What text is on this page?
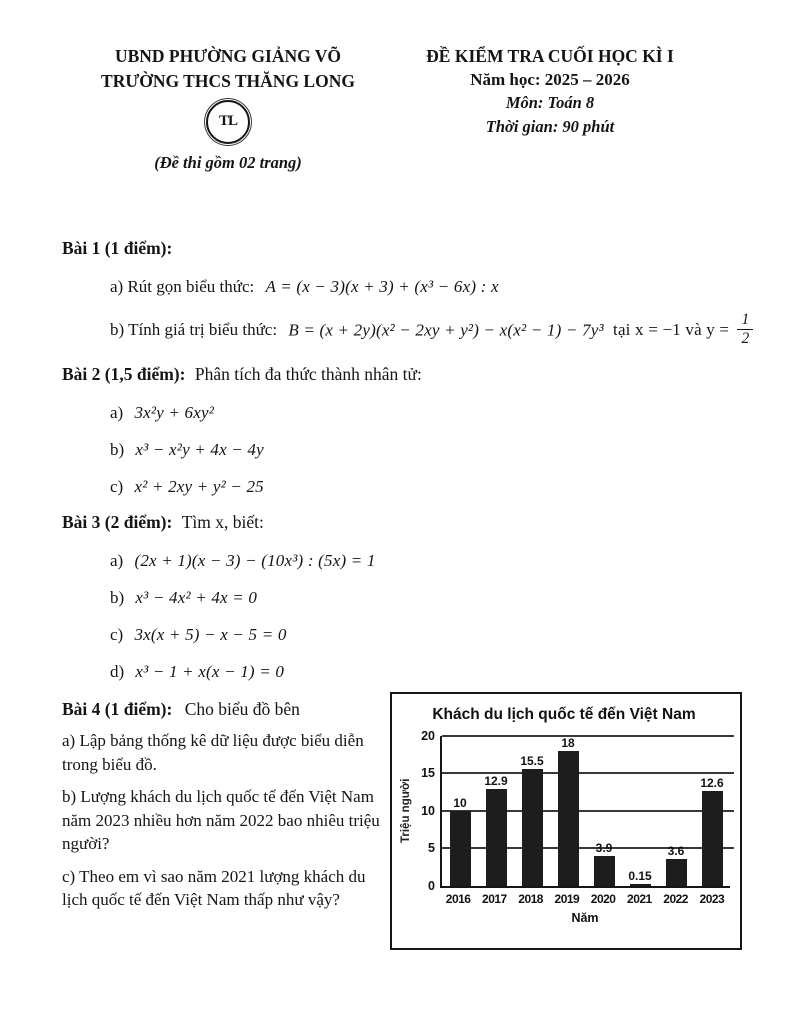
UBND PHƯỜNG GIẢNG VÕ
TRƯỜNG THCS THĂNG LONG
TL
(Đề thi gồm 02 trang)
ĐỀ KIỂM TRA CUỐI HỌC KÌ I
Năm học: 2025 – 2026
Môn: Toán 8
Thời gian: 90 phút
Bài 1 (1 điểm):
a) Rút gọn biểu thức: A = (x − 3)(x + 3) + (x³ − 6x) : x
b) Tính giá trị biểu thức: B = (x + 2y)(x² − 2xy + y²) − x(x² − 1) − 7y³ tại x = −1 và $y = \frac{1}{2}$
Bài 2 (1,5 điểm): Phân tích đa thức thành nhân tử:
a) 3x²y + 6xy²
b) x³ − x²y + 4x − 4y
c) x² + 2xy + y² − 25
Bài 3 (2 điểm): Tìm x, biết:
a) (2x + 1)(x − 3) − (10x³) : (5x) = 1
b) x³ − 4x² + 4x = 0
c) 3x(x + 5) − x − 5 = 0
d) x³ − 1 + x(x − 1) = 0
Bài 4 (1 điểm): Cho biểu đồ bên
a) Lập bảng thống kê dữ liệu được biểu diễn trong biểu đồ.
b) Lượng khách du lịch quốc tế đến Việt Nam năm 2023 nhiều hơn năm 2022 bao nhiêu triệu người?
c) Theo em vì sao năm 2021 lượng khách du lịch quốc tế đến Việt Nam thấp như vậy?
Khách du lịch quốc tế đến Việt Nam
Triệu người
0
5
10
15
20
10
12.9
15.5
18
3.9
0.15
3.6
12.6
2016 2017 2018 2019 2020 2021 2022 2023
Năm
